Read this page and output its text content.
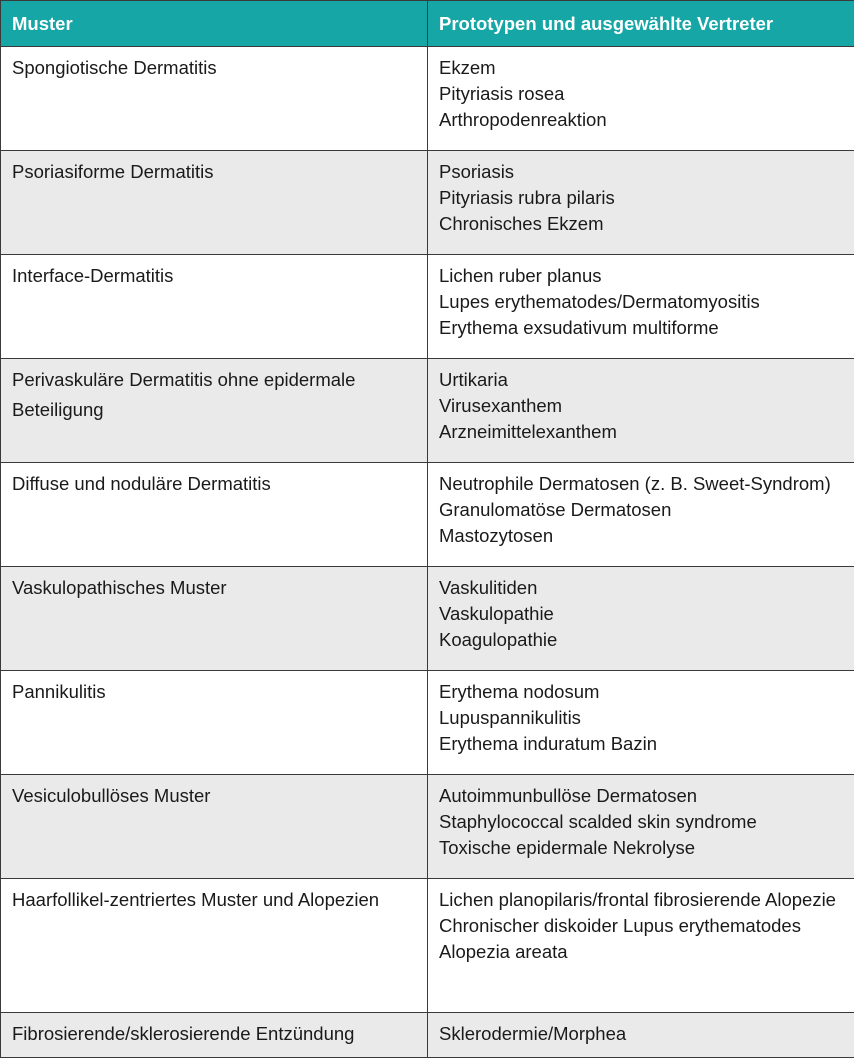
Muster	Prototypen und ausgewählte Vertreter

Spongiotische Dermatitis	Ekzem
Pityriasis rosea
Arthropodenreaktion

Psoriasiforme Dermatitis	Psoriasis
Pityriasis rubra pilaris
Chronisches Ekzem

Interface-Dermatitis	Lichen ruber planus
Lupes erythematodes/Dermatomyositis
Erythema exsudativum multiforme

Perivaskuläre Dermatitis ohne epidermale Beteiligung	Urtikaria
Virusexanthem
Arzneimittelexanthem

Diffuse und noduläre Dermatitis	Neutrophile Dermatosen (z. B. Sweet-Syndrom)
Granulomatöse Dermatosen
Mastozytosen

Vaskulopathisches Muster	Vaskulitiden
Vaskulopathie
Koagulopathie

Pannikulitis	Erythema nodosum
Lupuspannikulitis
Erythema induratum Bazin

Vesiculobullöses Muster	Autoimmunbullöse Dermatosen
Staphylococcal scalded skin syndrome
Toxische epidermale Nekrolyse

Haarfollikel-zentriertes Muster und Alopezien	Lichen planopilaris/frontal fibrosierende Alopezie
Chronischer diskoider Lupus erythematodes
Alopezia areata

Fibrosierende/sklerosierende Entzündung	Sklerodermie/Morphea
